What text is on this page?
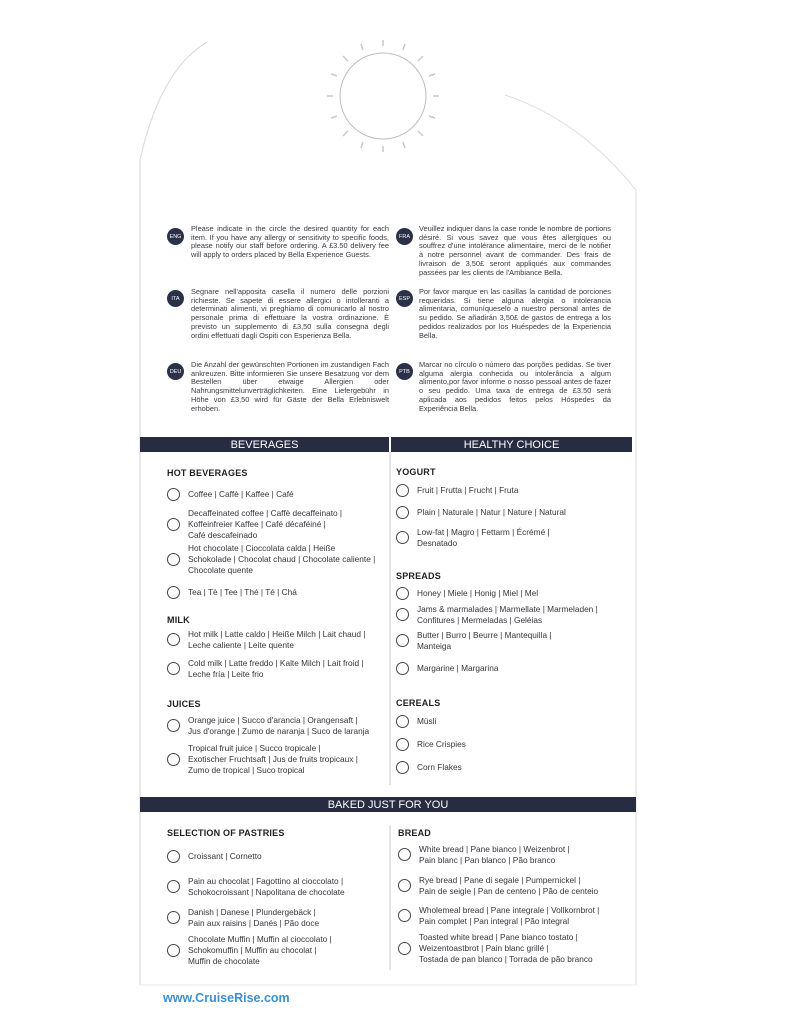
ENG
Please indicate in the circle the desired quantity for each item. If you have any allergy or sensitivity to specific foods, please notify our staff before ordering. A £3.50 delivery fee will apply to orders placed by Bella Experience Guests.
FRA
Veuillez indiquer dans la case ronde le nombre de portions désiré. Si vous savez que vous êtes allergiques ou souffrez d'une intolérance alimentaire, merci de le notifier à notre personnel avant de commander. Des frais de livraison de 3,50£ seront appliqués aux commandes passées par les clients de l'Ambiance Bella.
ITA
Segnare nell'apposita casella il numero delle porzioni richieste. Se sapete di essere allergici o intolleranti a determinati alimenti, vi preghiamo di comunicarlo al nostro personale prima di effettuare la vostra ordinazione. È previsto un supplemento di £3,50 sulla consegna degli ordini effettuati dagli Ospiti con Esperienza Bella.
ESP
Por favor marque en las casillas la cantidad de porciones requeridas. Si tiene alguna alergia o intolerancia alimentaria, comuníqueselo a nuestro personal antes de su pedido. Se añadirán 3,50£ de gastos de entrega a los pedidos realizados por los Huéspedes de la Experiencia Bella.
DEU
Die Anzahl der gewünschten Portionen im zustandigen Fach ankreuzen. Bitte informieren Sie unsere Besatzung vor dem Bestellen über etwaige Allergien oder Nahrungsmittelunverträglichkeiten. Eine Liefergebühr in Höhe von £3,50 wird für Gäste der Bella Erlebniswelt erhoben.
PTB
Marcar no círculo o número das porções pedidas. Se tiver alguma alergia conhecida ou intolerância a algum alimento,por favor informe o nosso pessoal antes de fazer o seu pedido. Uma taxa de entrega de £3.50 será aplicada aos pedidos feitos pelos Hóspedes da Experiência Bella.
BEVERAGES	HEALTHY CHOICE
BAKED JUST FOR YOU
HOT BEVERAGES
Coffee | Caffè | Kaffee | Café
Decaffeinated coffee | Caffè decaffeinato |
Koffeinfreier Kaffee | Café décaféiné |
Café descafeinado
Hot chocolate | Cioccolata calda | Heiße
Schokolade | Chocolat chaud | Chocolate caliente |
Chocolate quente
Tea | Tè | Tee | Thé | Té | Chá
MILK
Hot milk | Latte caldo | Heiße Milch | Lait chaud |
Leche caliente | Leite quente
Cold milk | Latte freddo | Kalte Milch | Lait froid |
Leche fría | Leite frio
JUICES
Orange juice | Succo d'arancia | Orangensaft |
Jus d'orange | Zumo de naranja | Suco de laranja
Tropical fruit juice | Succo tropicale |
Exotischer Fruchtsaft | Jus de fruits tropicaux |
Zumo de tropical | Suco tropical
YOGURT
Fruit | Frutta | Frucht | Fruta
Plain | Naturale | Natur | Nature | Natural
Low-fat | Magro | Fettarm | Écrémé |
Desnatado
SPREADS
Honey | Miele | Honig | Miel | Mel
Jams & marmalades | Marmellate | Marmeladen |
Confitures | Mermeladas | Geléias
Butter | Burro | Beurre | Mantequilla |
Manteiga
Margarine | Margarina
CEREALS
Müsli
Rice Crispies
Corn Flakes
SELECTION OF PASTRIES
Croissant | Cornetto
Pain au chocolat | Fagottino al cioccolato |
Schokocroissant | Napolitana de chocolate
Danish | Danese | Plundergebäck |
Pain aux raisins | Danés | Pão doce
Chocolate Muffin | Muffin al cioccolato |
Schokomuffin | Muffin au chocolat |
Muffin de chocolate
BREAD
White bread | Pane bianco | Weizenbrot |
Pain blanc | Pan blanco | Pão branco
Rye bread | Pane di segale | Pumpernickel |
Pain de seigle | Pan de centeno | Pão de centeio
Wholemeal bread | Pane integrale | Vollkornbrot |
Pain complet | Pan integral | Pão integral
Toasted white bread | Pane bianco tostato |
Weizentoastbrot | Pain blanc grillé |
Tostada de pan blanco | Torrada de pão branco
www.CruiseRise.com
